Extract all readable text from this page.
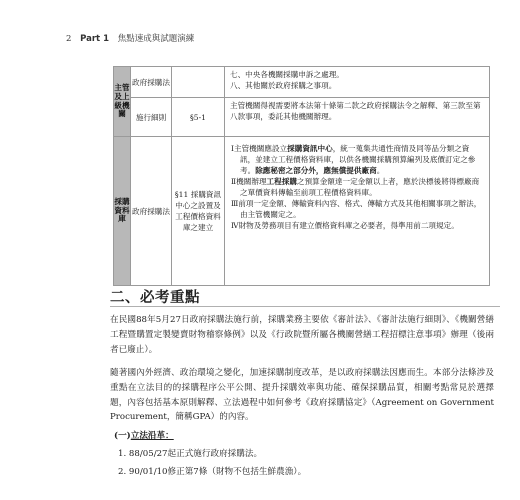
2 Part 1 焦點速成與試題演練
主管及上級機關	政府採購法		七、中央各機關採購申訴之處理。
八、其他關於政府採購之事項。

	施行細則	§5-1	主管機關得視需要將本法第十條第二款之政府採購法令之解釋、第三款至第八款事項，委託其他機關辦理。
採購資料庫	政府採購法	§11 採購資訊中心之設置及工程價格資料庫之建立	Ⅰ主管機關應設立採購資訊中心，統一蒐集共通性商情及同等品分類之資訊，並建立工程價格資料庫，以供各機關採購預算編列及底價訂定之參考。除應秘密之部分外，應無償提供廠商。
Ⅱ機關辦理工程採購之預算金額達一定金額以上者，應於決標後將得標廠商之單價資料傳輸至前項工程價格資料庫。
Ⅲ前項一定金額、傳輸資料內容、格式、傳輸方式及其他相關事項之辦法，由主管機關定之。
Ⅳ財物及勞務項目有建立價格資料庫之必要者，得準用前二項規定。
二、必考重點

在民國88年5月27日政府採購法施行前，採購業務主要依《審計法》、《審計法施行細則》、《機關營繕工程暨購置定製變賣財物稽察條例》以及《行政院暨所屬各機關營繕工程招標注意事項》辦理（後兩者已廢止）。

隨著國內外經濟、政治環境之變化，加速採購制度改革，是以政府採購法因應而生。本部分法條涉及重點在立法目的的採購程序公平公開、提升採購效率與功能、確保採購品質，相關考點常見於選擇題，內容包括基本原則解釋、立法過程中如何參考《政府採購協定》（Agreement on Government Procurement，簡稱GPA）的內容。

(一)立法沿革：
1. 88/05/27起正式施行政府採購法。
2. 90/01/10修正第7條（財物不包括生鮮農漁）。
